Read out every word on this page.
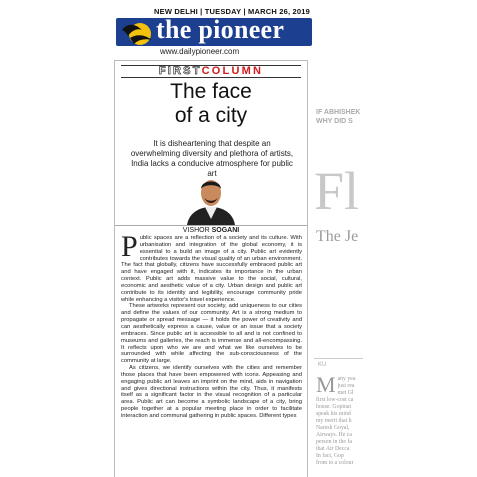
NEW DELHI | TUESDAY | MARCH 26, 2019
the pioneer
www.dailypioneer.com
FIRSTCOLUMN
The face
of a city
It is disheartening that despite an overwhelming diversity and plethora of artists, India lacks a conducive atmosphere for public art
VISHOR SOGANI

Public spaces are a reflection of a society and its culture. With urbanisation and integration of the global economy, it is essential to a build an image of a city. Public art evidently contributes towards the visual quality of an urban environment. The fact that globally, citizens have successfully embraced public art and have engaged with it, indicates its importance in the urban context. Public art adds massive value to the social, cultural, economic and aesthetic value of a city. Urban design and public art contribute to its identity and legibility, encourage community pride while enhancing a visitor's travel experience.

These artworks represent our society, add uniqueness to our cities and define the values of our community. Art is a strong medium to propagate or spread message — it holds the power of creativity and can aesthetically express a cause, value or an issue that a society embraces. Since public art is accessible to all and is not confined to museums and galleries, the reach is immense and all-encompassing. It reflects upon who we are and what we like ourselves to be surrounded with while affecting the sub-consciousness of the community at large.

As citizens, we identify ourselves with the cities and remember those places that have been empowered with icons. Appeasing and engaging public art leaves an imprint on the mind, aids in navigation and gives directional instructions within the city. Thus, it manifests itself as a significant factor in the visual recognition of a particular area. Public art can become a symbolic landscape of a city, bring people together at a popular meeting place in order to facilitate interaction and communal gathering in public spaces. Different types

IF ABHISHEK
WHY DID S
Fl
The Je
KU
M any yea
just rea
met Gl
first low-cost ca
house. Gopinat
speak his mind
my merit that h
Naresh Goyal,
Airways. He ca
person in the fa
that Air Decca
In fact, Gop
from to a colour
